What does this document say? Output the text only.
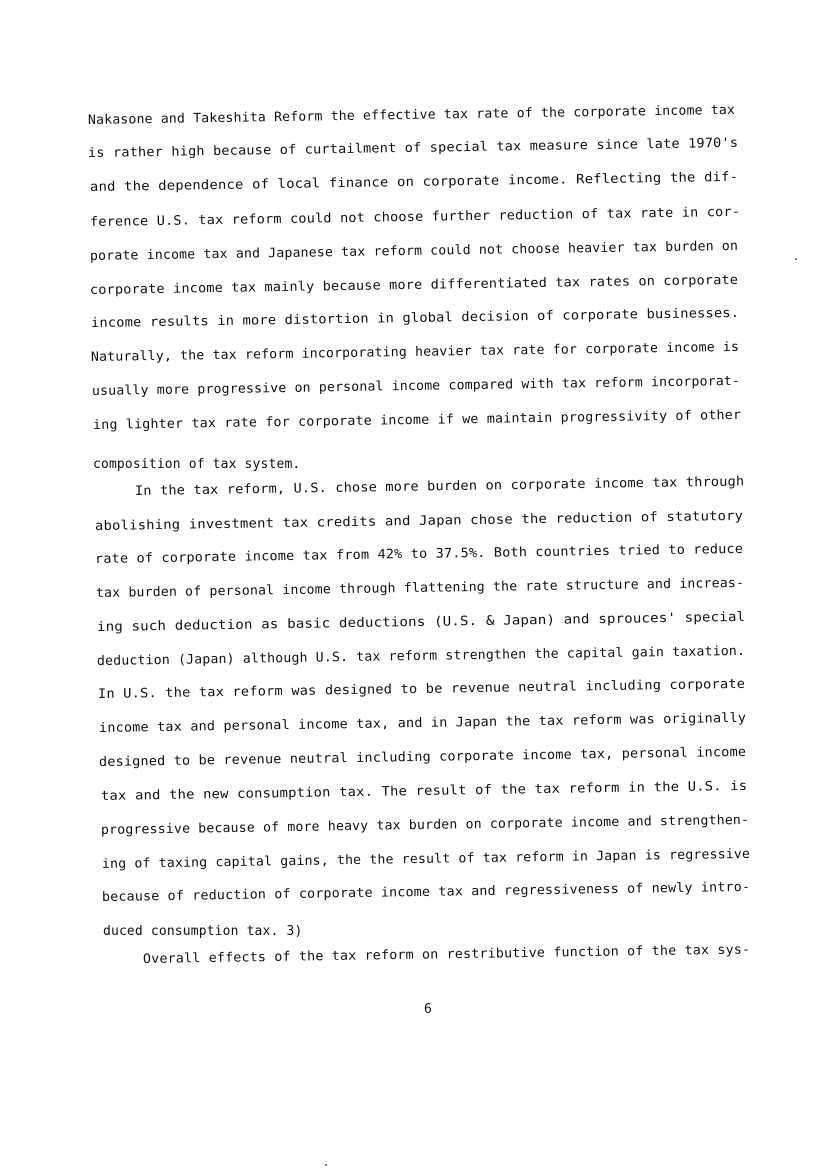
Nakasone and Takeshita Reform the effective tax rate of the corporate income tax
is rather high because of curtailment of special tax measure since late 1970's
and the dependence of local finance on corporate income. Reflecting the dif-
ference U.S. tax reform could not choose further reduction of tax rate in cor-
porate income tax and Japanese tax reform could not choose heavier tax burden on
corporate income tax mainly because more differentiated tax rates on corporate
income results in more distortion in global decision of corporate businesses.
Naturally, the tax reform incorporating heavier tax rate for corporate income is
usually more progressive on personal income compared with tax reform incorporat-
ing lighter tax rate for corporate income if we maintain progressivity of other
composition of tax system.
In the tax reform, U.S. chose more burden on corporate income tax through
abolishing investment tax credits and Japan chose the reduction of statutory
rate of corporate income tax from 42% to 37.5%. Both countries tried to reduce
tax burden of personal income through flattening the rate structure and increas-
ing such deduction as basic deductions (U.S. & Japan) and sprouces' special
deduction (Japan) although U.S. tax reform strengthen the capital gain taxation.
In U.S. the tax reform was designed to be revenue neutral including corporate
income tax and personal income tax, and in Japan the tax reform was originally
designed to be revenue neutral including corporate income tax, personal income
tax and the new consumption tax. The result of the tax reform in the U.S. is
progressive because of more heavy tax burden on corporate income and strengthen-
ing of taxing capital gains, the the result of tax reform in Japan is regressive
because of reduction of corporate income tax and regressiveness of newly intro-
duced consumption tax. 3)
Overall effects of the tax reform on restributive function of the tax sys-
6
